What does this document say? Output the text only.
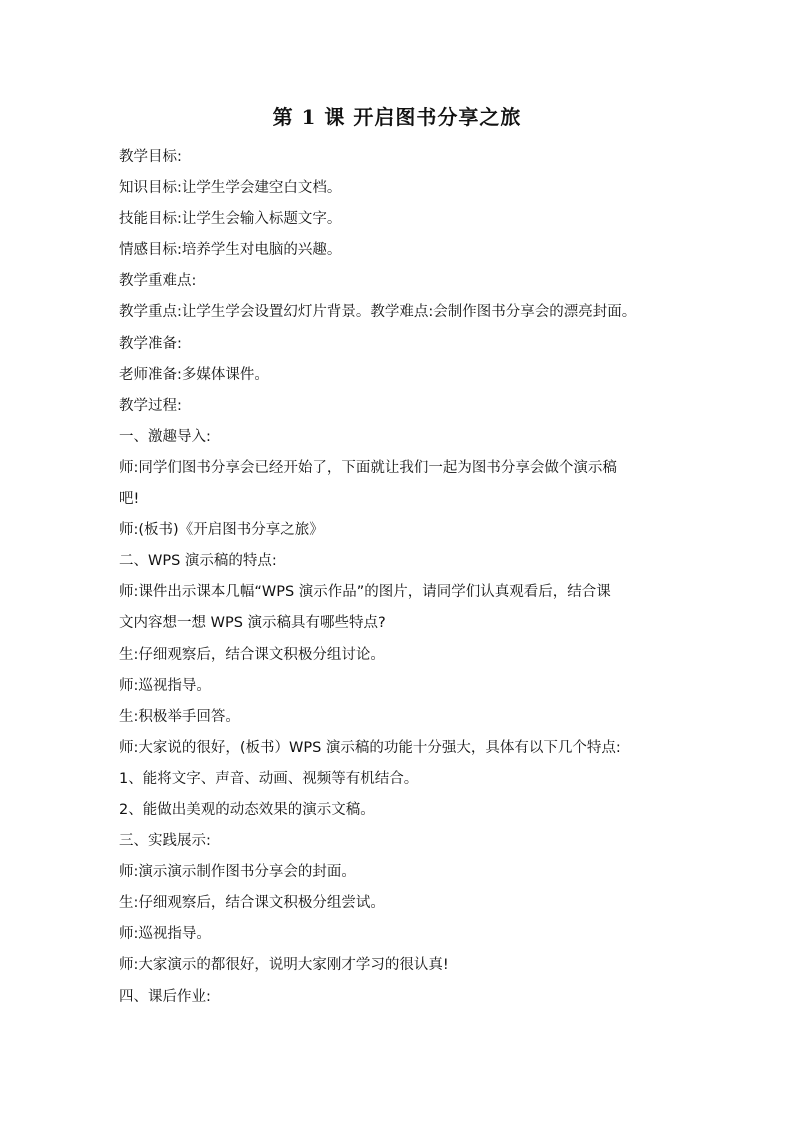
第 1 课 开启图书分享之旅
教学目标:
知识目标:让学生学会建空白文档。
技能目标:让学生会输入标题文字。
情感目标:培养学生对电脑的兴趣。
教学重难点:
教学重点:让学生学会设置幻灯片背景。教学难点:会制作图书分享会的漂亮封面。
教学准备:
老师准备:多媒体课件。
教学过程:
一、激趣导入:
师:同学们图书分享会已经开始了，下面就让我们一起为图书分享会做个演示稿
吧!
师:(板书)《开启图书分享之旅》
二、WPS 演示稿的特点:
师:课件出示课本几幅“WPS 演示作品”的图片，请同学们认真观看后，结合课
文内容想一想 WPS 演示稿具有哪些特点?
生:仔细观察后，结合课文积极分组讨论。
师:巡视指导。
生:积极举手回答。
师:大家说的很好，(板书）WPS 演示稿的功能十分强大，具体有以下几个特点:
1、能将文字、声音、动画、视频等有机结合。
2、能做出美观的动态效果的演示文稿。
三、实践展示:
师:演示演示制作图书分享会的封面。
生:仔细观察后，结合课文积极分组尝试。
师:巡视指导。
师:大家演示的都很好，说明大家刚才学习的很认真!
四、课后作业:
